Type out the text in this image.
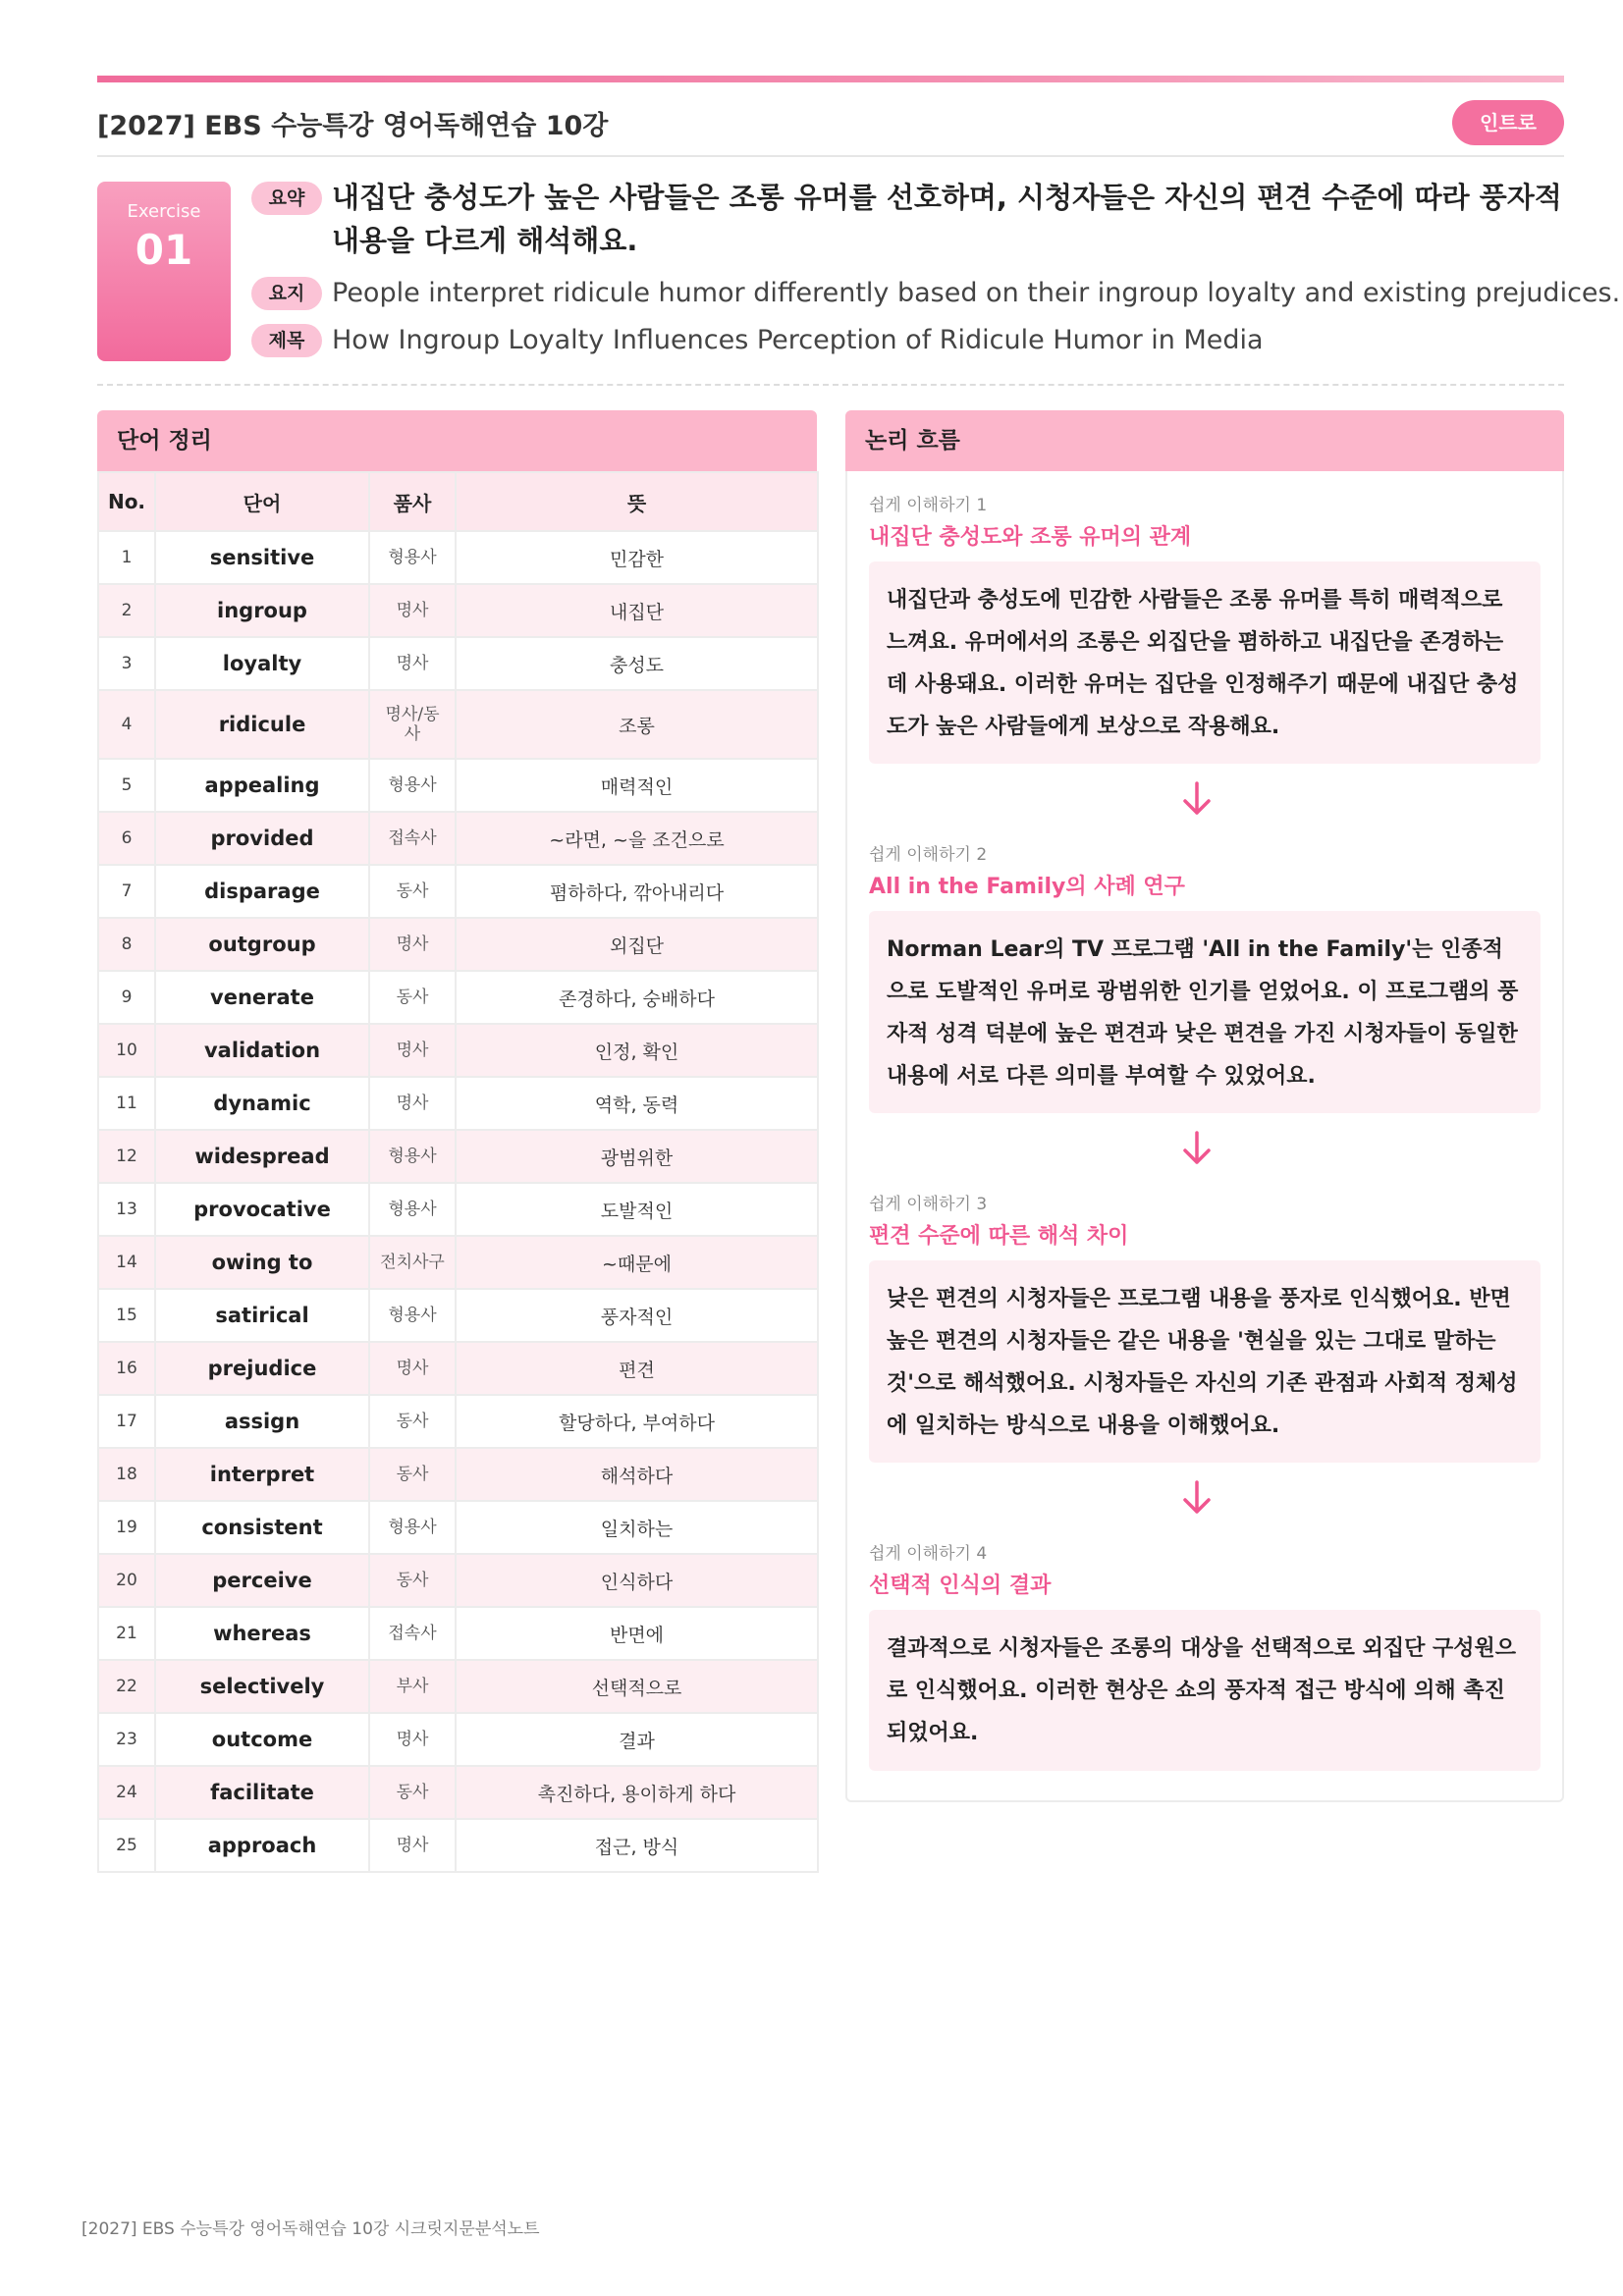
[2027] EBS 수능특강 영어독해연습 10강	인트로
Exercise
01
요약 내집단 충성도가 높은 사람들은 조롱 유머를 선호하며, 시청자들은 자신의 편견 수준에 따라 풍자적 내용을 다르게 해석해요.
요지	People interpret ridicule humor differently based on their ingroup loyalty and existing prejudices.
제목	How Ingroup Loyalty Influences Perception of Ridicule Humor in Media
단어 정리
No.	단어	품사	뜻
1	sensitive	형용사	민감한
2	ingroup	명사	내집단
3	loyalty	명사	충성도
4	ridicule	명사/동사	조롱
5	appealing	형용사	매력적인
6	provided	접속사	~라면, ~을 조건으로
7	disparage	동사	폄하하다, 깎아내리다
8	outgroup	명사	외집단
9	venerate	동사	존경하다, 숭배하다
10	validation	명사	인정, 확인
11	dynamic	명사	역학, 동력
12	widespread	형용사	광범위한
13	provocative	형용사	도발적인
14	owing to	전치사구	~때문에
15	satirical	형용사	풍자적인
16	prejudice	명사	편견
17	assign	동사	할당하다, 부여하다
18	interpret	동사	해석하다
19	consistent	형용사	일치하는
20	perceive	동사	인식하다
21	whereas	접속사	반면에
22	selectively	부사	선택적으로
23	outcome	명사	결과
24	facilitate	동사	촉진하다, 용이하게 하다
25	approach	명사	접근, 방식
논리 흐름
쉽게 이해하기 1
내집단 충성도와 조롱 유머의 관계
내집단과 충성도에 민감한 사람들은 조롱 유머를 특히 매력적으로 느껴요. 유머에서의 조롱은 외집단을 폄하하고 내집단을 존경하는 데 사용돼요. 이러한 유머는 집단을 인정해주기 때문에 내집단 충성도가 높은 사람들에게 보상으로 작용해요.
쉽게 이해하기 2
All in the Family의 사례 연구
Norman Lear의 TV 프로그램 'All in the Family'는 인종적으로 도발적인 유머로 광범위한 인기를 얻었어요. 이 프로그램의 풍자적 성격 덕분에 높은 편견과 낮은 편견을 가진 시청자들이 동일한 내용에 서로 다른 의미를 부여할 수 있었어요.
쉽게 이해하기 3
편견 수준에 따른 해석 차이
낮은 편견의 시청자들은 프로그램 내용을 풍자로 인식했어요. 반면 높은 편견의 시청자들은 같은 내용을 '현실을 있는 그대로 말하는 것'으로 해석했어요. 시청자들은 자신의 기존 관점과 사회적 정체성에 일치하는 방식으로 내용을 이해했어요.
쉽게 이해하기 4
선택적 인식의 결과
결과적으로 시청자들은 조롱의 대상을 선택적으로 외집단 구성원으로 인식했어요. 이러한 현상은 쇼의 풍자적 접근 방식에 의해 촉진되었어요.
[2027] EBS 수능특강 영어독해연습 10강 시크릿지문분석노트
